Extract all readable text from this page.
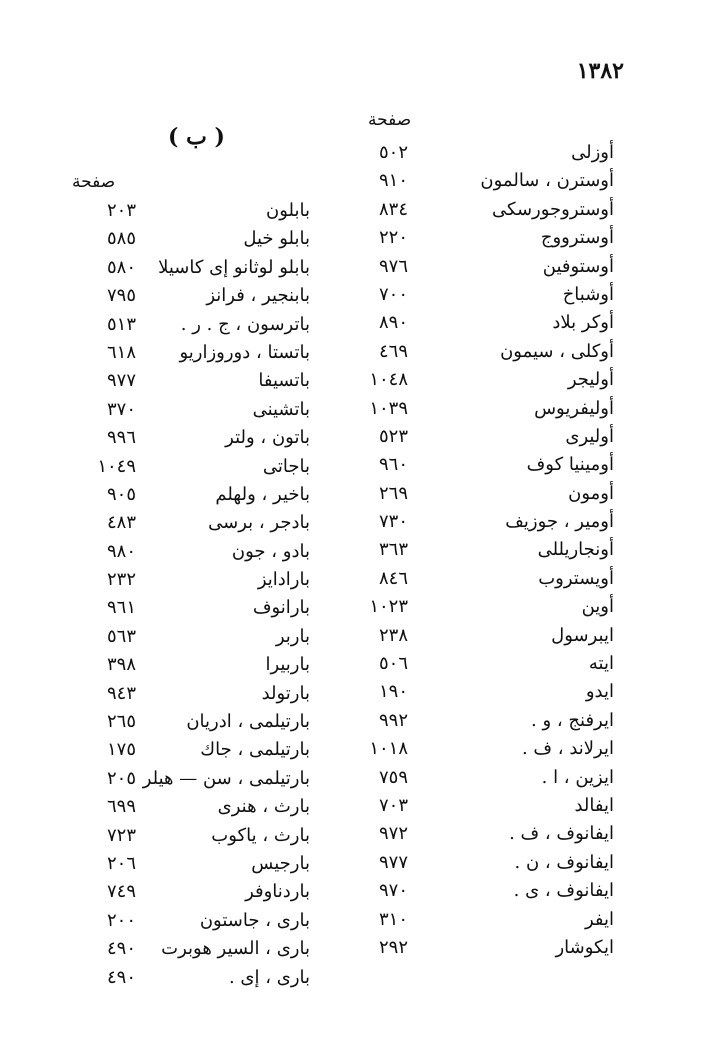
١٣٨٢
صفحة
( ب )
صفحة
أوزلى
٥٠٢
أوسترن ، سالمون
٩١٠
أوستروجورسكى
٨٣٤
أوسترووج
٢٢٠
أوستوفين
٩٧٦
أوشباخ
٧٠٠
أوكر بلاد
٨٩٠
أوكلى ، سيمون
٤٦٩
أوليجر
١٠٤٨
أوليفريوس
١٠٣٩
أوليرى
٥٢٣
أومينيا كوف
٩٦٠
أومون
٢٦٩
أومير ، جوزيف
٧٣٠
أونجاريللى
٣٦٣
أويستروب
٨٤٦
أوين
١٠٢٣
ايبرسول
٢٣٨
ايته
٥٠٦
ايدو
١٩٠
ايرفنج ، و .
٩٩٢
ايرلاند ، ف .
١٠١٨
ايزين ، ا .
٧٥٩
ايفالد
٧٠٣
ايفانوف ، ف .
٩٧٢
ايفانوف ، ن .
٩٧٧
ايفانوف ، ى .
٩٧٠
ايفر
٣١٠
ايكوشار
٢٩٢
بابلون
٢٠٣
بابلو خيل
٥٨٥
بابلو لوثانو إى كاسيلا
٥٨٠
بابنجير ، فرانز
٧٩٥
باترسون ، ج . ر .
٥١٣
باتستا ، دوروزاريو
٦١٨
باتسيفا
٩٧٧
باتشينى
٣٧٠
باتون ، ولتر
٩٩٦
باجاتى
١٠٤٩
باخير ، ولهلم
٩٠٥
بادجر ، برسى
٤٨٣
بادو ، جون
٩٨٠
بارادايز
٢٣٢
بارانوف
٩٦١
باربر
٥٦٣
باربيرا
٣٩٨
بارتولد
٩٤٣
بارتيلمى ، ادريان
٢٦٥
بارتيلمى ، جاك
١٧٥
بارتيلمى ، سن — هيلر
٢٠٥
بارث ، هنرى
٦٩٩
بارث ، ياكوب
٧٢٣
بارجيس
٢٠٦
باردناوفر
٧٤٩
بارى ، جاستون
٢٠٠
بارى ، السير هوبرت
٤٩٠
بارى ، إى .
٤٩٠
